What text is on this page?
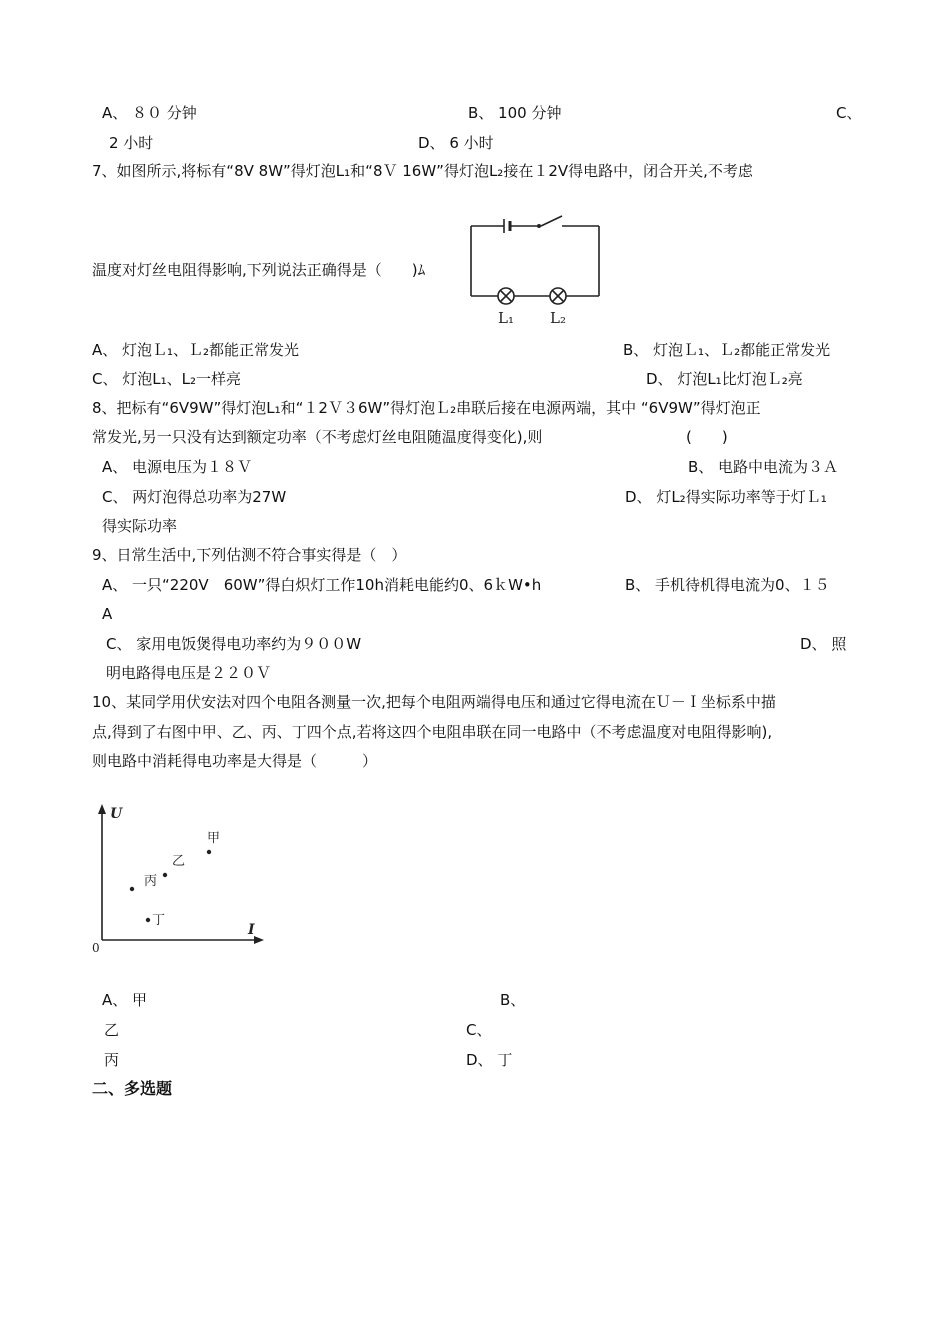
A、 ８０ 分钟	B、 100 分钟	C、
2 小时	D、 6 小时
7、如图所示,将标有“8V 8W”得灯泡L₁和“8Ｖ 16W”得灯泡L₂接在１2V得电路中，闭合开关,不考虑
L₁ L₂
温度对灯丝电阻得影响,下列说法正确得是（　　)ﾑ
A、 灯泡Ｌ₁、Ｌ₂都能正常发光	B、 灯泡Ｌ₁、Ｌ₂都能正常发光
C、 灯泡L₁、L₂一样亮	D、 灯泡L₁比灯泡Ｌ₂亮
8、把标有“6V9W”得灯泡L₁和“１2Ｖ３6W”得灯泡Ｌ₂串联后接在电源两端，其中 “6V9W”得灯泡正
常发光,另一只没有达到额定功率（不考虑灯丝电阻随温度得变化),则	(　　)
A、 电源电压为１８Ｖ	B、 电路中电流为３Ａ
C、 两灯泡得总功率为27W	D、 灯L₂得实际功率等于灯Ｌ₁
得实际功率
9、日常生活中,下列估测不符合事实得是（　）
A、 一只“220V　60W”得白炽灯工作10h消耗电能约0、6ｋW•h	B、 手机待机得电流为0、１５
A
C、 家用电饭煲得电功率约为９００W	D、 照
明电路得电压是２２０Ｖ
10、某同学用伏安法对四个电阻各测量一次,把每个电阻两端得电压和通过它得电流在Ｕ－Ｉ坐标系中描
点,得到了右图中甲、乙、丙、丁四个点,若将这四个电阻串联在同一电路中（不考虑温度对电阻得影响),
则电路中消耗得电功率是大得是（　　　）
U
I
0
甲
乙
丙
丁
A、 甲	B、
乙	C、
丙	D、 丁
二、多选题
